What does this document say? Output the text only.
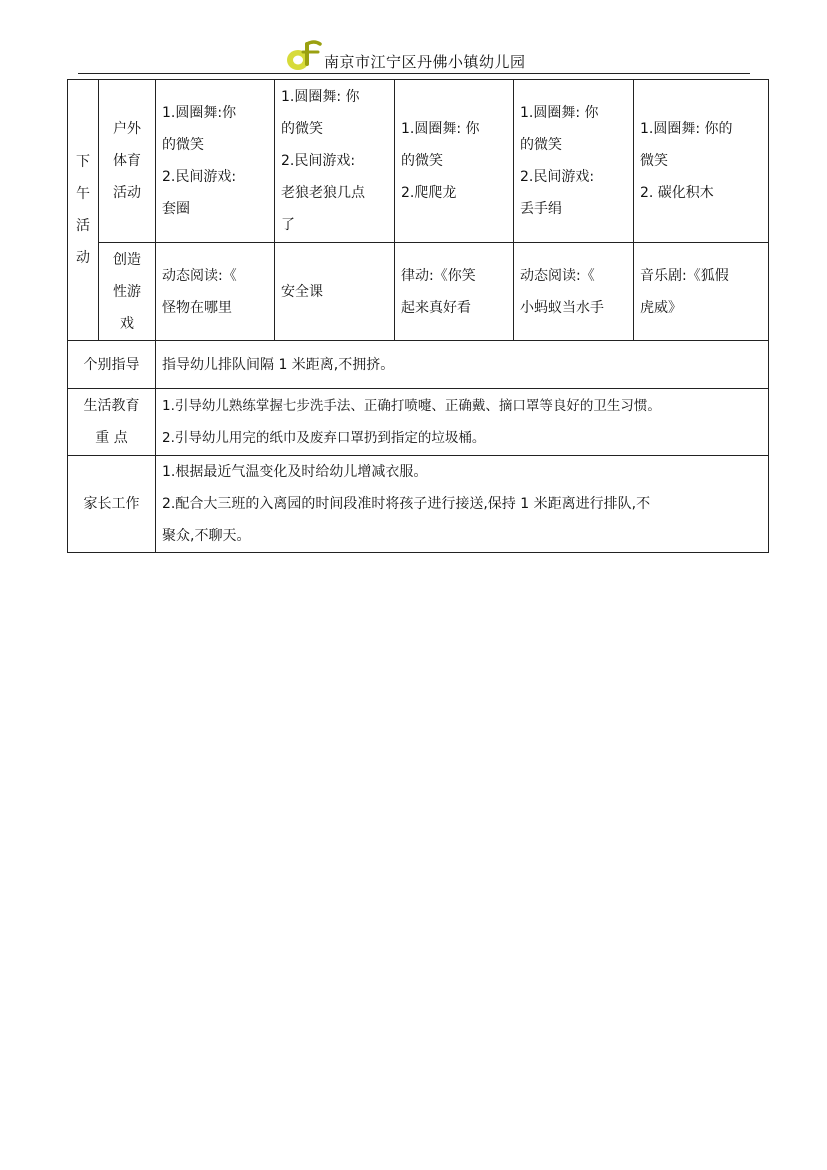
南京市江宁区丹佛小镇幼儿园
下
午
活
动	户外
体育
活动	1.圆圈舞:你
的微笑
2.民间游戏:
套圈	1.圆圈舞: 你
的微笑
2.民间游戏:
老狼老狼几点
了	1.圆圈舞: 你
的微笑
2.爬爬龙	1.圆圈舞: 你
的微笑
2.民间游戏:
丢手绢	1.圆圈舞: 你的
微笑
2. 碳化积木

	创造
性游
戏	动态阅读:《
怪物在哪里	安全课	律动:《你笑
起来真好看	动态阅读:《
小蚂蚁当水手	音乐剧:《狐假
虎威》

个别指导		指导幼儿排队间隔 1 米距离,不拥挤。				

生活教育
重 点		1.引导幼儿熟练掌握七步洗手法、正确打喷嚏、正确戴、摘口罩等良好的卫生习惯。
2.引导幼儿用完的纸巾及废弃口罩扔到指定的垃圾桶。				

家长工作		1.根据最近气温变化及时给幼儿增减衣服。
2.配合大三班的入离园的时间段准时将孩子进行接送,保持 1 米距离进行排队,不
聚众,不聊天。				
